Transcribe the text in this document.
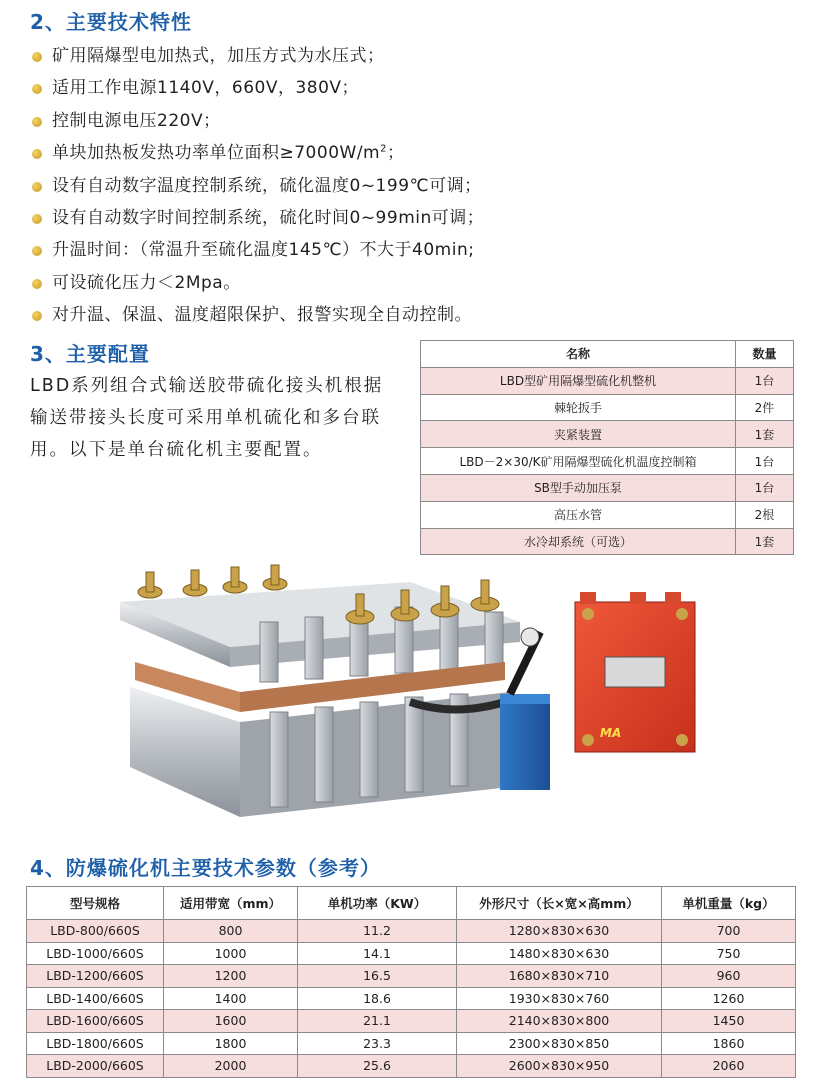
2、主要技术特性
矿用隔爆型电加热式，加压方式为水压式；
适用工作电源1140V，660V，380V；
控制电源电压220V；
单块加热板发热功率单位面积$\ge 7000W/m^2$；
设有自动数字温度控制系统，硫化温度0~199℃可调；
设有自动数字时间控制系统，硫化时间0~99min可调；
升温时间：（常温升至硫化温度145℃）不大于40min;
可设硫化压力＜2Mpa。
对升温、保温、温度超限保护、报警实现全自动控制。
3、主要配置
LBD系列组合式输送胶带硫化接头机根据输送带接头长度可采用单机硫化和多台联用。以下是单台硫化机主要配置。
名称	数量
LBD型矿用隔爆型硫化机整机	1台
棘轮扳手	2件
夹紧装置	1套
LBD－2×30/K矿用隔爆型硫化机温度控制箱	1台
SB型手动加压泵	1台
高压水管	2根
水冷却系统（可选）	1套
MA
4、防爆硫化机主要技术参数（参考）
型号规格	适用带宽（mm）	单机功率（KW）	外形尺寸（长×宽×高mm）	单机重量（kg）
LBD-800/660S	800	11.2	1280×830×630	700
LBD-1000/660S	1000	14.1	1480×830×630	750
LBD-1200/660S	1200	16.5	1680×830×710	960
LBD-1400/660S	1400	18.6	1930×830×760	1260
LBD-1600/660S	1600	21.1	2140×830×800	1450
LBD-1800/660S	1800	23.3	2300×830×850	1860
LBD-2000/660S	2000	25.6	2600×830×950	2060
